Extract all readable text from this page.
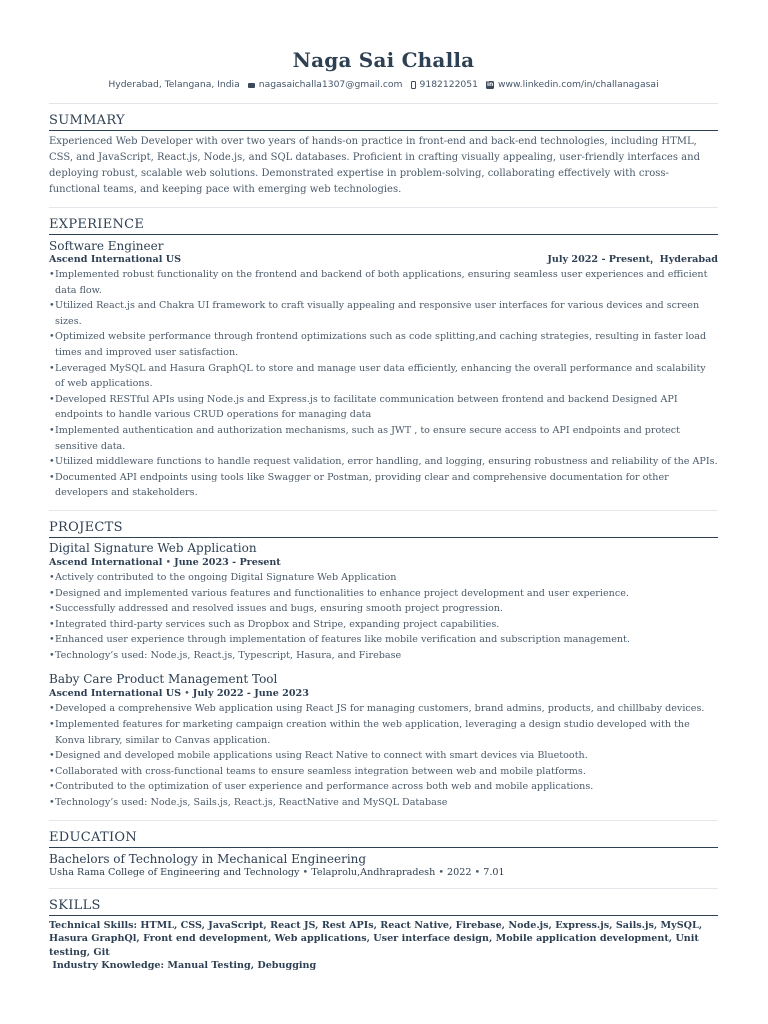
Naga Sai Challa
Hyderabad, Telangana, India nagasaichalla1307@gmail.com 9182122051
in www.linkedin.com/in/challanagasai
SUMMARY

Experienced Web Developer with over two years of hands-on practice in front-end and back-end technologies, including HTML, CSS, and JavaScript, React.js, Node.js, and SQL databases. Proficient in crafting visually appealing, user-friendly interfaces and deploying robust, scalable web solutions. Demonstrated expertise in problem-solving, collaborating effectively with cross-functional teams, and keeping pace with emerging web technologies.

EXPERIENCE
Software Engineer
Ascend International US	July 2022 - Present，Hyderabad
• Implemented robust functionality on the frontend and backend of both applications, ensuring seamless user experiences and efficient data flow.
• Utilized React.js and Chakra UI framework to craft visually appealing and responsive user interfaces for various devices and screen sizes.
• Optimized website performance through frontend optimizations such as code splitting,and caching strategies, resulting in faster load times and improved user satisfaction.
• Leveraged MySQL and Hasura GraphQL to store and manage user data efficiently, enhancing the overall performance and scalability of web applications.
• Developed RESTful APIs using Node.js and Express.js to facilitate communication between frontend and backend Designed API endpoints to handle various CRUD operations for managing data
• Implemented authentication and authorization mechanisms, such as JWT , to ensure secure access to API endpoints and protect sensitive data.
• Utilized middleware functions to handle request validation, error handling, and logging, ensuring robustness and reliability of the APIs.
• Documented API endpoints using tools like Swagger or Postman, providing clear and comprehensive documentation for other developers and stakeholders.
PROJECTS
Digital Signature Web Application
Ascend International • June 2023 - Present
• Actively contributed to the ongoing Digital Signature Web Application
• Designed and implemented various features and functionalities to enhance project development and user experience.
• Successfully addressed and resolved issues and bugs, ensuring smooth project progression.
• Integrated third-party services such as Dropbox and Stripe, expanding project capabilities.
• Enhanced user experience through implementation of features like mobile verification and subscription management.
• Technology’s used: Node.js, React.js, Typescript, Hasura, and Firebase
Baby Care Product Management Tool
Ascend International US • July 2022 - June 2023
• Developed a comprehensive Web application using React JS for managing customers, brand admins, products, and chillbaby devices.
• Implemented features for marketing campaign creation within the web application, leveraging a design studio developed with the Konva library, similar to Canvas application.
• Designed and developed mobile applications using React Native to connect with smart devices via Bluetooth.
• Collaborated with cross-functional teams to ensure seamless integration between web and mobile platforms.
• Contributed to the optimization of user experience and performance across both web and mobile applications.
• Technology’s used: Node.js, Sails.js, React.js, ReactNative and MySQL Database
EDUCATION
Bachelors of Technology in Mechanical Engineering
Usha Rama College of Engineering and Technology • Telaprolu,Andhrapradesh • 2022 • 7.01
SKILLS
Technical Skills: HTML, CSS, JavaScript, React JS, Rest APIs, React Native, Firebase, Node.js, Express.js, Sails.js, MySQL, Hasura GraphQl, Front end development, Web applications, User interface design, Mobile application development, Unit testing, Git
Industry Knowledge: Manual Testing, Debugging
